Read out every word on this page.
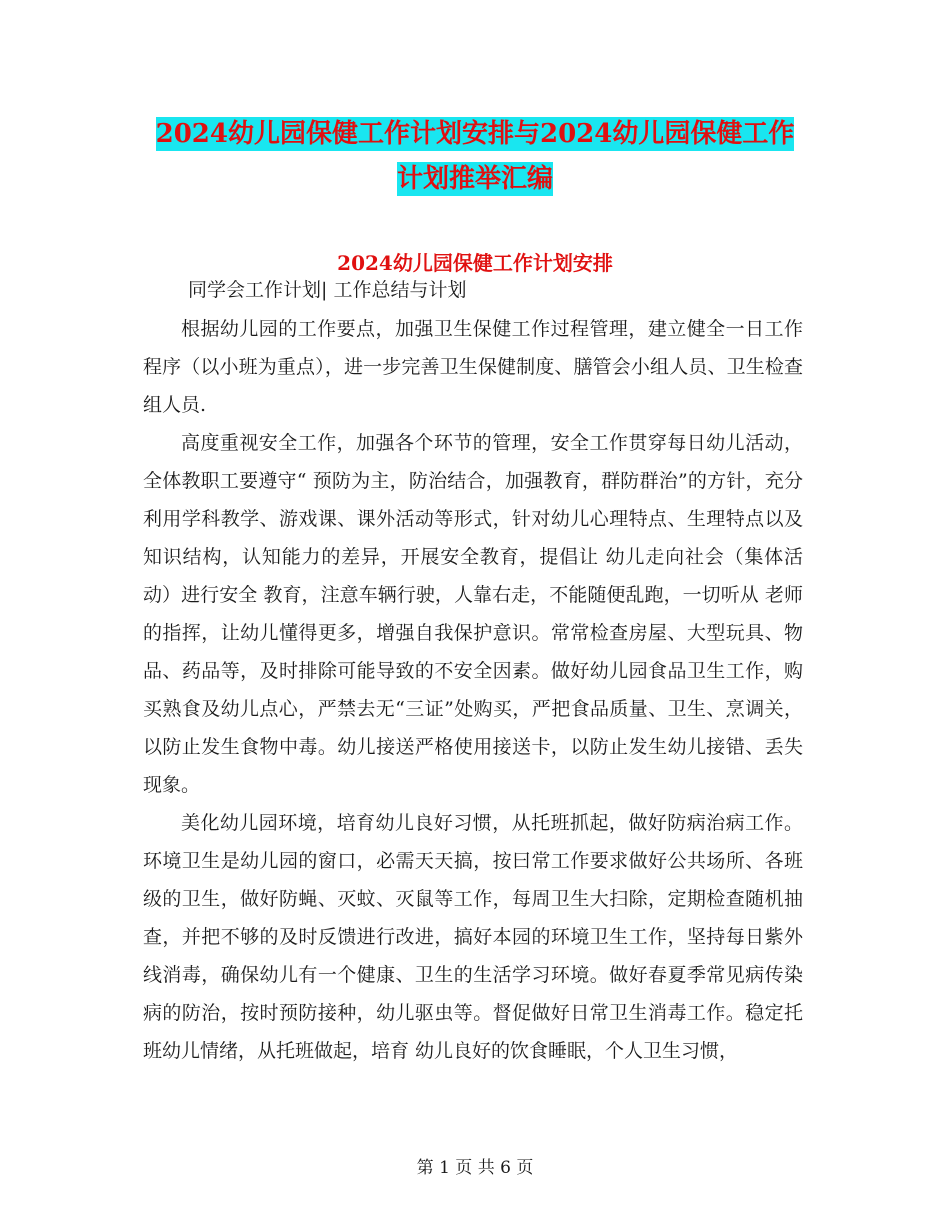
2024幼儿园保健工作计划安排与2024幼儿园保健工作
计划推举汇编
2024幼儿园保健工作计划安排
同学会工作计划| 工作总结与计划

根据幼儿园的工作要点，加强卫生保健工作过程管理，建立健全一日工作程序（以小班为重点），进一步完善卫生保健制度、膳管会小组人员、卫生检查组人员.

高度重视安全工作，加强各个环节的管理，安全工作贯穿每日幼儿活动，全体教职工要遵守“ 预防为主，防治结合，加强教育，群防群治”的方针，充分利用学科教学、游戏课、课外活动等形式，针对幼儿心理特点、生理特点以及知识结构，认知能力的差异，开展安全教育，提倡让 幼儿走向社会（集体活动）进行安全 教育，注意车辆行驶，人靠右走，不能随便乱跑，一切听从 老师的指挥，让幼儿懂得更多，增强自我保护意识。常常检查房屋、大型玩具、物品、药品等，及时排除可能导致的不安全因素。做好幼儿园食品卫生工作，购买熟食及幼儿点心，严禁去无“三证”处购买，严把食品质量、卫生、烹调关，以防止发生食物中毒。幼儿接送严格使用接送卡，以防止发生幼儿接错、丢失现象。

美化幼儿园环境，培育幼儿良好习惯，从托班抓起，做好防病治病工作。环境卫生是幼儿园的窗口，必需天天搞，按曰常工作要求做好公共场所、各班级的卫生，做好防蝇、灭蚊、灭鼠等工作，每周卫生大扫除，定期检查随机抽查，并把不够的及时反馈进行改进，搞好本园的环境卫生工作，坚持每日紫外线消毒，确保幼儿有一个健康、卫生的生活学习环境。做好春夏季常见病传染病的防治，按时预防接种，幼儿驱虫等。督促做好日常卫生消毒工作。稳定托班幼儿情绪，从托班做起，培育 幼儿良好的饮食睡眠，个人卫生习惯，

第 1 页 共 6 页
